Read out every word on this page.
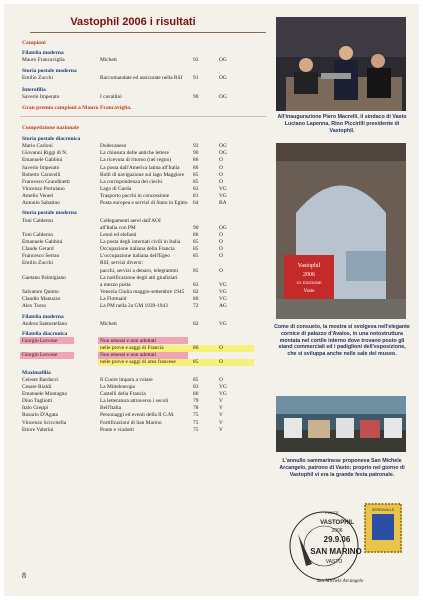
Vastophil 2006 i risultati
Campioni
Filatelia moderna
Mauro Francaviglia	Micheti	93	OG
Storia postale moderna
Emilio Zucchi	Raccomandate ed assicurate nella RSI 91	OG
Interofilia
Saverio Imperato	I cavallini	90	OG
Gran premio campioni a Mauro Francaviglia.
Competizione nazionale
Storia postale diacronica
Mario Carloni	Dodecaneso	93	OG
Giovanni Riggi di N.	La chiusura delle antiche lettere	90	OG
Emanuele Gabbini	La ricevuta di ritorno (nel regno)	86	O
Saverio Imperato	La posta dall'America latina all'Italia	86	O
Roberto Caravelli	Bolli di navigazione sul lago Maggiore 85	O
Francesco Grandinetti	La corrispondenza dei ciechi	85	O
Vincenzo Portulano	Lago di Garda	83	VG
Amelio Veneri	Trasporto pacchi in concessione	81	VG
Antonio Sabatino	Posta europea e servizi di Stato in Egitto 64	BA
Storia postale moderna
Toni Calderon	Collegamenti aerei dall'AOI
all'Italia con PM	90	OG
Toni Calderon	Leoni ed elefanti	86	O
Emanuele Gabbini	La posta degli internati civili in Italia 85	O
Claude Gerard	Occupazione italiana della Francia	85	O
Francesco Serrao	L'occupazione italiana dell'Egeo	85	O
Emilio Zucchi	RSI, servizi diversi:
pacchi, servizi a denaro, telegrammi	85	O
Gaetano Palmigiano	La notificazione degli atti giudiziari
a mezzo posta	83	VG
Salvatore Quinto	Venezia Giulia maggio-settembre 1945 82	VG
Claudio Manuzzo	La Flottuaid	80	VG
Alex Turso	La PM nella 2a GM 1939-1943	72	AG
Filatelia moderna
Andrea Santostefano	Micheti	82	VG
Filatelia diacronica
Giorgio Leccese	Non emessi e non adottati
nelle prove e saggi di Francia	86	O
Giorgio Leccese	Non emessi e non adottati
nelle prove e saggi di area francese	85	O
Maximafilia
Celeste Barducci	Il Cuore impara a volare	85	O
Cesare Rialdi	La Mitteleuropa	83	VG
Emanuele Montagna	Castelli della Francia	80	VG
Dino Tagliotti	La letteratura attraverso i secoli	79	V
Italo Greppi	Bell'Italia	78	V
Rosario D'Agata	Personaggi ed eventi della II G.M.	75	V
Vincenzo Sciccitella	Fortificazioni di San Marino	75	V
Ettore Valerini	Ponte e viadotti	75	V
All'inaugurazione Piero Macrelli, il sindaco di Vasto Luciano Lapenna, Rino Piccirilli presidente di Vastophil.
Vastophil
2006
XX EDIZIONE
Vasto
Come di consueto, la mostra si svolgeva nell'elegante cornice di palazzo d'Avalos, in una notostruttura montata nel cortile interno dove trovano posto gli stand commerciali ed i padiglioni dell'esposizione, che si sviluppa anche nelle sale del museo.
L'annullo sammarinese proponeva San Michele Arcangelo, patrono di Vasto; proprio nel giorno di Vastophil vi era la grande festa patronale.
SERRAVALLE
POSTE
VASTOPHIL
2006
29.9.06
SAN MARINO
VASTO
San Michele Arcangelo
8
